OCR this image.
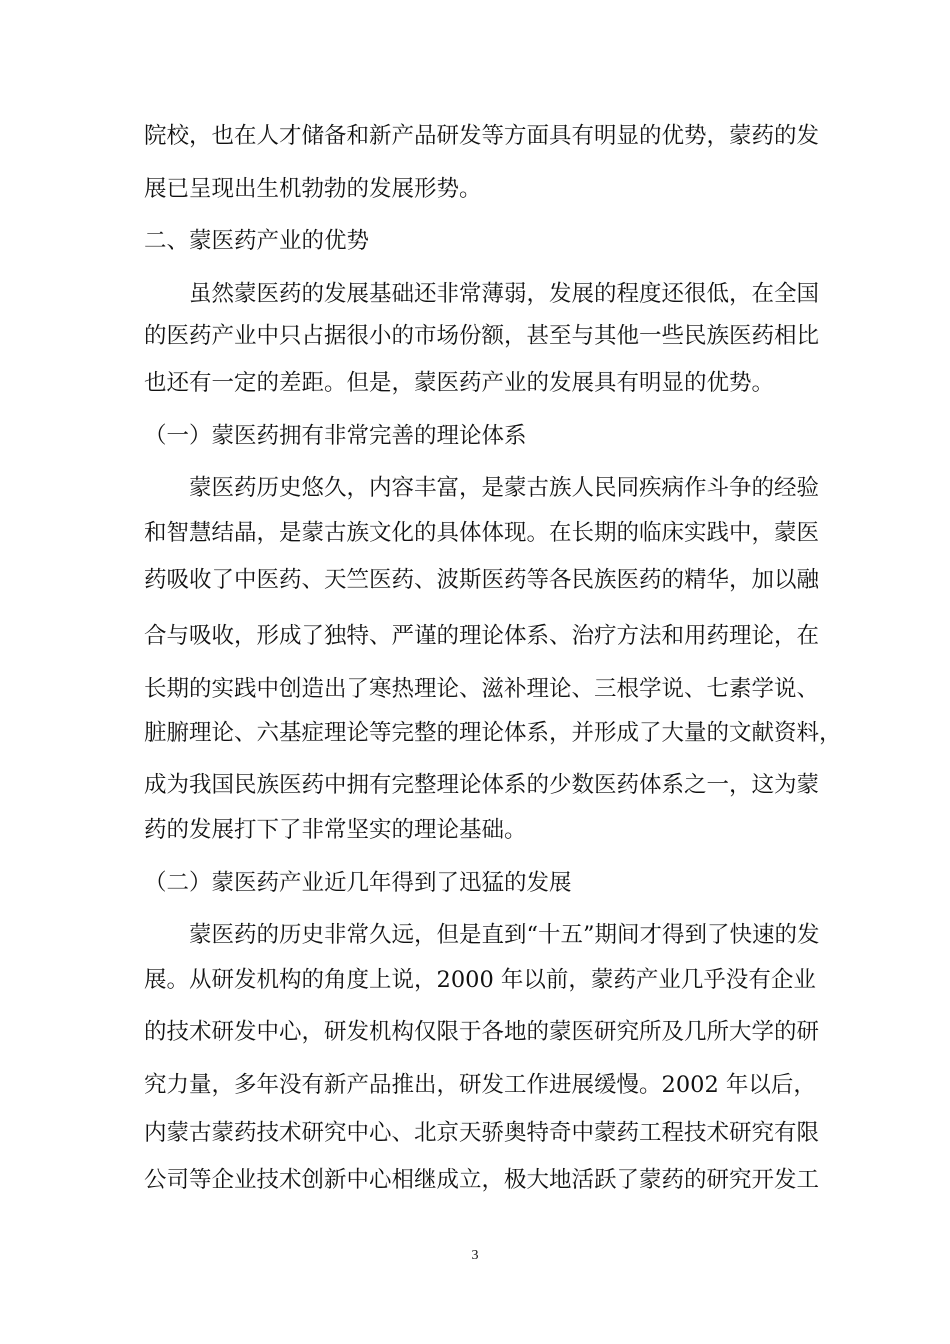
院校，也在人才储备和新产品研发等方面具有明显的优势，蒙药的发
展已呈现出生机勃勃的发展形势。
二、蒙医药产业的优势
虽然蒙医药的发展基础还非常薄弱，发展的程度还很低，在全国
的医药产业中只占据很小的市场份额，甚至与其他一些民族医药相比
也还有一定的差距。但是，蒙医药产业的发展具有明显的优势。
（一）蒙医药拥有非常完善的理论体系
蒙医药历史悠久，内容丰富，是蒙古族人民同疾病作斗争的经验
和智慧结晶，是蒙古族文化的具体体现。在长期的临床实践中，蒙医
药吸收了中医药、天竺医药、波斯医药等各民族医药的精华，加以融
合与吸收，形成了独特、严谨的理论体系、治疗方法和用药理论，在
长期的实践中创造出了寒热理论、滋补理论、三根学说、七素学说、
脏腑理论、六基症理论等完整的理论体系，并形成了大量的文献资料，
成为我国民族医药中拥有完整理论体系的少数医药体系之一，这为蒙
药的发展打下了非常坚实的理论基础。
（二）蒙医药产业近几年得到了迅猛的发展
蒙医药的历史非常久远，但是直到“十五”期间才得到了快速的发
展。从研发机构的角度上说，2000 年以前，蒙药产业几乎没有企业
的技术研发中心，研发机构仅限于各地的蒙医研究所及几所大学的研
究力量，多年没有新产品推出，研发工作进展缓慢。2002 年以后，
内蒙古蒙药技术研究中心、北京天骄奥特奇中蒙药工程技术研究有限
公司等企业技术创新中心相继成立，极大地活跃了蒙药的研究开发工
3
